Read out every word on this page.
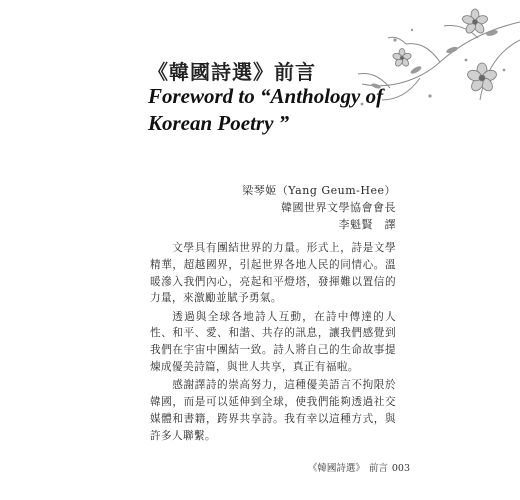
《韓國詩選》前言
Foreword to “Anthology of Korean Poetry ”
梁琴姬（Yang Geum-Hee）
韓國世界文學協會會長
李魁賢　譯

文學具有團結世界的力量。形式上，詩是文學精華，超越國界，引起世界各地人民的同情心。溫暖滲入我們內心，亮起和平燈塔，發揮難以置信的力量，來激勵並賦予勇氣。

透過與全球各地詩人互動，在詩中傳達的人性、和平、愛、和諧、共存的訊息，讓我們感覺到我們在宇宙中團結一致。詩人將自己的生命故事提煉成優美詩篇，與世人共享，真正有福啦。

感謝譯詩的崇高努力，這種優美語言不拘限於韓國，而是可以延伸到全球，使我們能夠透過社交媒體和書籍，跨界共享詩。我有幸以這種方式，與許多人聯繫。

《韓國詩選》 前言 003
